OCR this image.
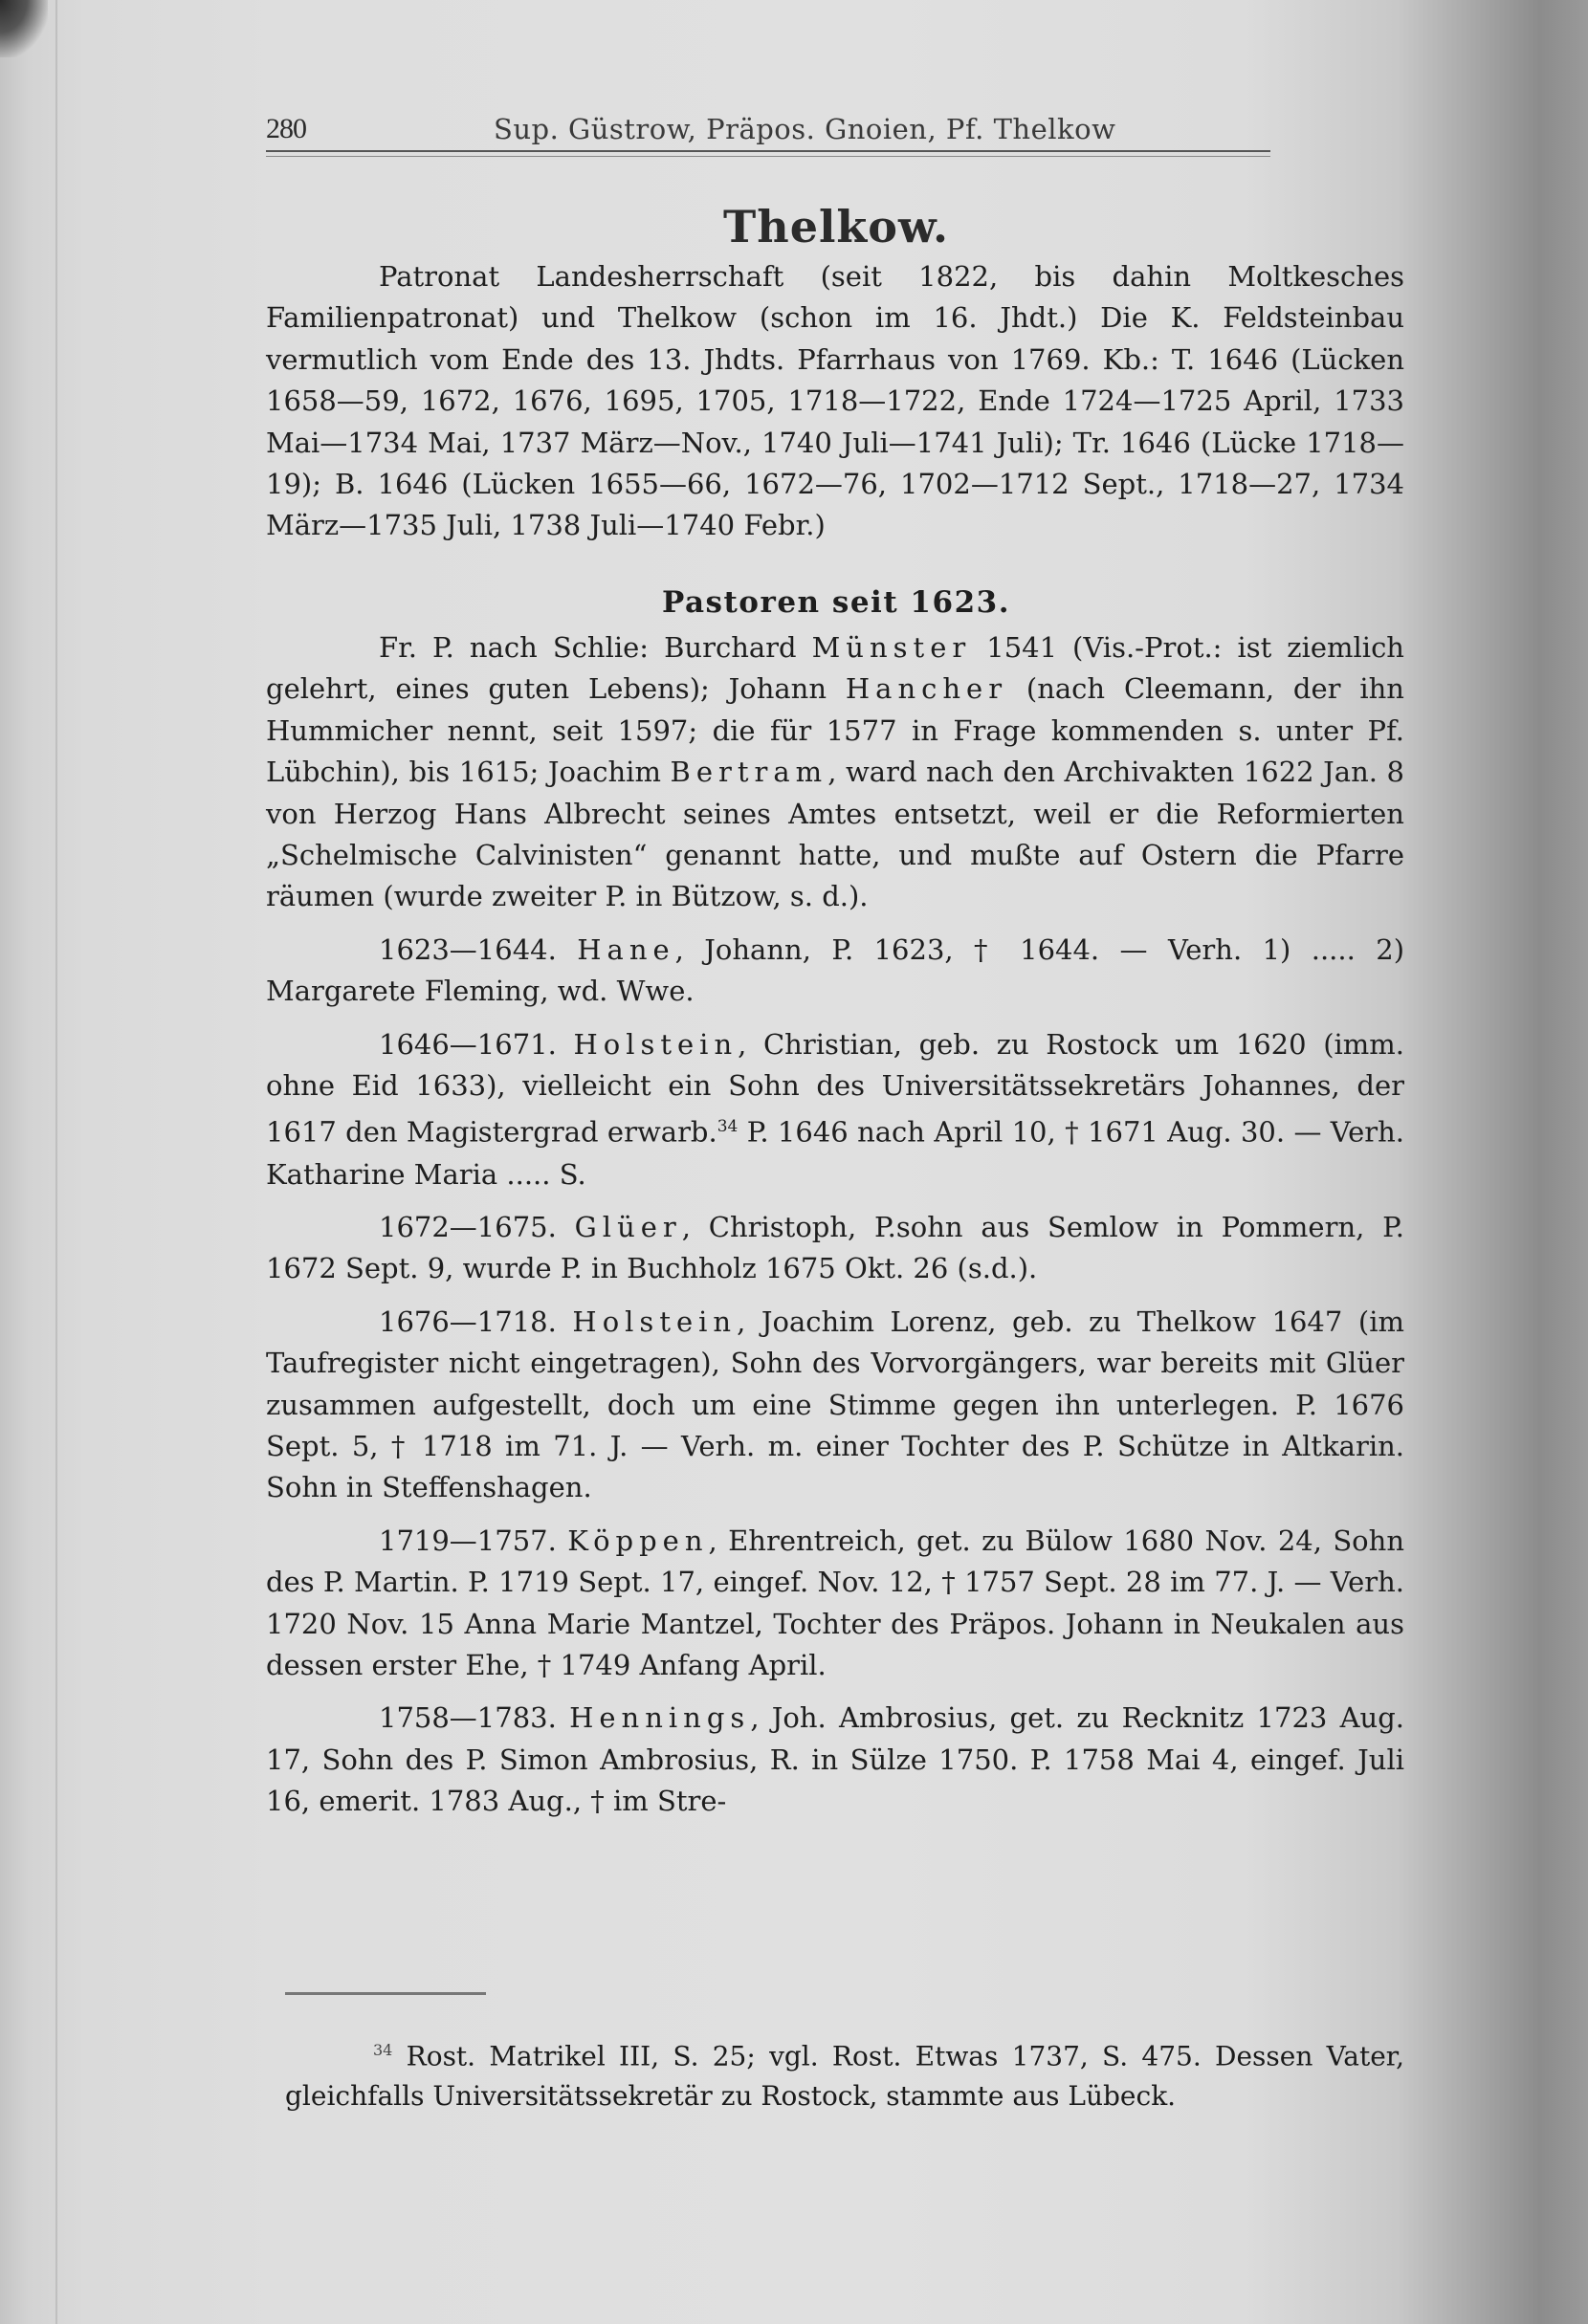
280	Sup. Güstrow, Präpos. Gnoien, Pf. Thelkow
Thelkow.

Patronat Landesherrschaft (seit 1822, bis dahin Moltkesches Familienpatronat) und Thelkow (schon im 16. Jhdt.) Die K. Feldsteinbau vermutlich vom Ende des 13. Jhdts. Pfarrhaus von 1769. Kb.: T. 1646 (Lücken 1658—59, 1672, 1676, 1695, 1705, 1718—1722, Ende 1724—1725 April, 1733 Mai—1734 Mai, 1737 März—Nov., 1740 Juli—1741 Juli); Tr. 1646 (Lücke 1718—19); B. 1646 (Lücken 1655—66, 1672—76, 1702—1712 Sept., 1718—27, 1734 März—1735 Juli, 1738 Juli—1740 Febr.)

Pastoren seit 1623.

Fr. P. nach Schlie: Burchard Münster 1541 (Vis.-Prot.: ist ziemlich gelehrt, eines guten Lebens); Johann Hancher (nach Cleemann, der ihn Hummicher nennt, seit 1597; die für 1577 in Frage kommenden s. unter Pf. Lübchin), bis 1615; Joachim Bertram, ward nach den Archivakten 1622 Jan. 8 von Herzog Hans Albrecht seines Amtes entsetzt, weil er die Reformierten „Schelmische Calvinisten“ genannt hatte, und mußte auf Ostern die Pfarre räumen (wurde zweiter P. in Bützow, s. d.).

1623—1644. Hane, Johann, P. 1623, † 1644. — Verh. 1) ..... 2) Margarete Fleming, wd. Wwe.

1646—1671. Holstein, Christian, geb. zu Rostock um 1620 (imm. ohne Eid 1633), vielleicht ein Sohn des Universitätssekretärs Johannes, der 1617 den Magistergrad erwarb.$^{34}$ P. 1646 nach April 10, † 1671 Aug. 30. — Verh. Katharine Maria ..... S.

1672—1675. Glüer, Christoph, P.sohn aus Semlow in Pommern, P. 1672 Sept. 9, wurde P. in Buchholz 1675 Okt. 26 (s.d.).

1676—1718. Holstein, Joachim Lorenz, geb. zu Thelkow 1647 (im Taufregister nicht eingetragen), Sohn des Vorvorgängers, war bereits mit Glüer zusammen aufgestellt, doch um eine Stimme gegen ihn unterlegen. P. 1676 Sept. 5, † 1718 im 71. J. — Verh. m. einer Tochter des P. Schütze in Altkarin. Sohn in Steffenshagen.

1719—1757. Köppen, Ehrentreich, get. zu Bülow 1680 Nov. 24, Sohn des P. Martin. P. 1719 Sept. 17, eingef. Nov. 12, † 1757 Sept. 28 im 77. J. — Verh. 1720 Nov. 15 Anna Marie Mantzel, Tochter des Präpos. Johann in Neukalen aus dessen erster Ehe, † 1749 Anfang April.

1758—1783. Hennings, Joh. Ambrosius, get. zu Recknitz 1723 Aug. 17, Sohn des P. Simon Ambrosius, R. in Sülze 1750. P. 1758 Mai 4, eingef. Juli 16, emerit. 1783 Aug., † im Stre-

$^{34}$ Rost. Matrikel III, S. 25; vgl. Rost. Etwas 1737, S. 475. Dessen Vater, gleichfalls Universitätssekretär zu Rostock, stammte aus Lübeck.
